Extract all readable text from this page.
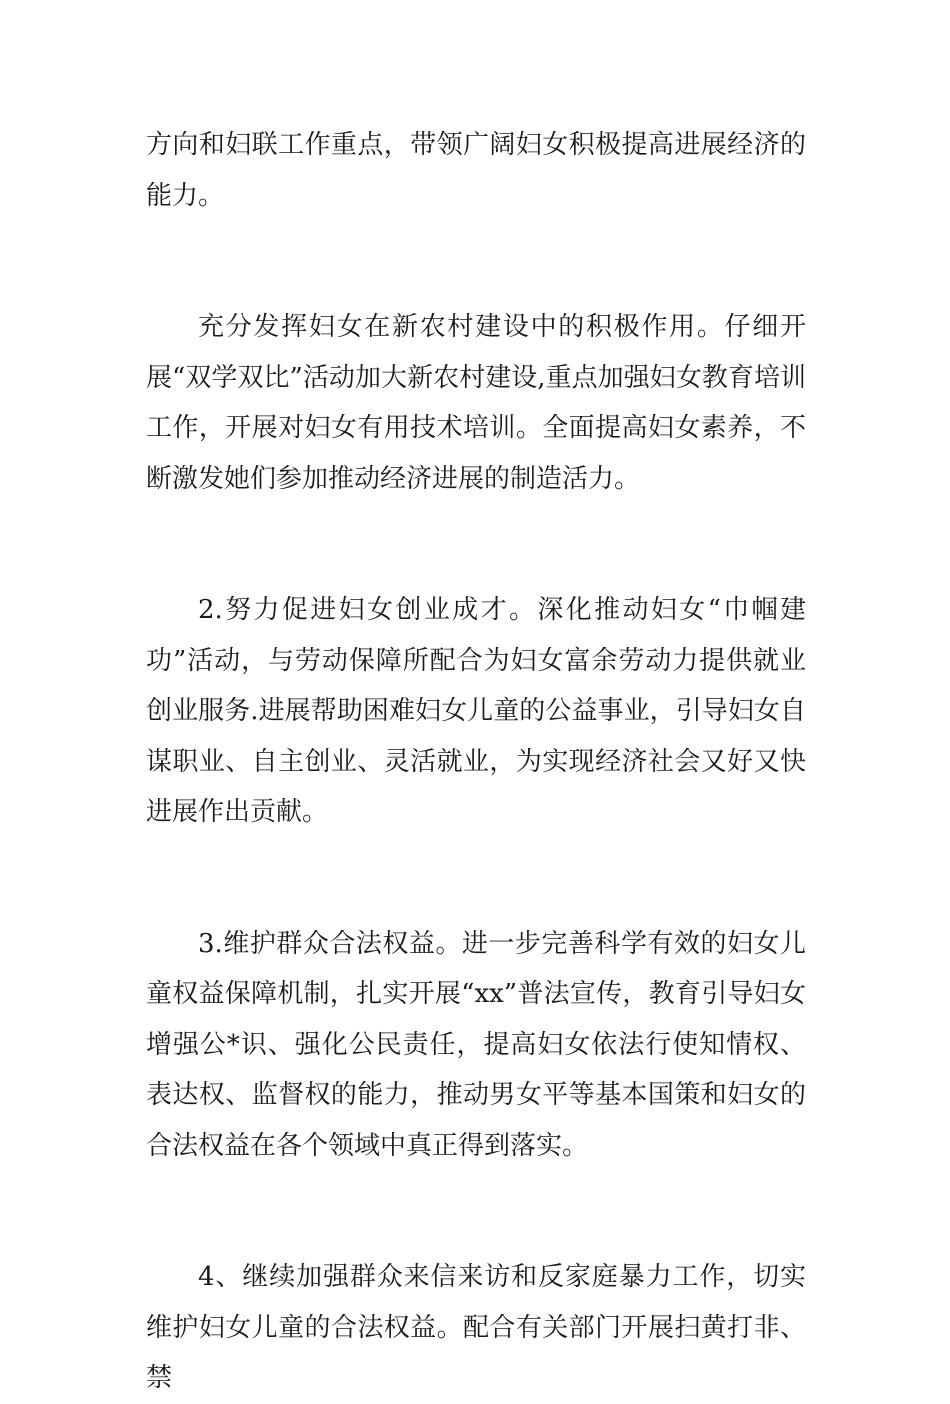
方向和妇联工作重点，带领广阔妇女积极提高进展经济的能力。

充分发挥妇女在新农村建设中的积极作用。仔细开展“双学双比”活动加大新农村建设,重点加强妇女教育培训工作，开展对妇女有用技术培训。全面提高妇女素养，不断激发她们参加推动经济进展的制造活力。

2.努力促进妇女创业成才。深化推动妇女“巾帼建功”活动，与劳动保障所配合为妇女富余劳动力提供就业创业服务.进展帮助困难妇女儿童的公益事业，引导妇女自谋职业、自主创业、灵活就业，为实现经济社会又好又快进展作出贡献。

3.维护群众合法权益。进一步完善科学有效的妇女儿童权益保障机制，扎实开展“xx”普法宣传，教育引导妇女增强公*识、强化公民责任，提高妇女依法行使知情权、表达权、监督权的能力，推动男女平等基本国策和妇女的合法权益在各个领域中真正得到落实。

4、继续加强群众来信来访和反家庭暴力工作，切实维护妇女儿童的合法权益。配合有关部门开展扫黄打非、禁
